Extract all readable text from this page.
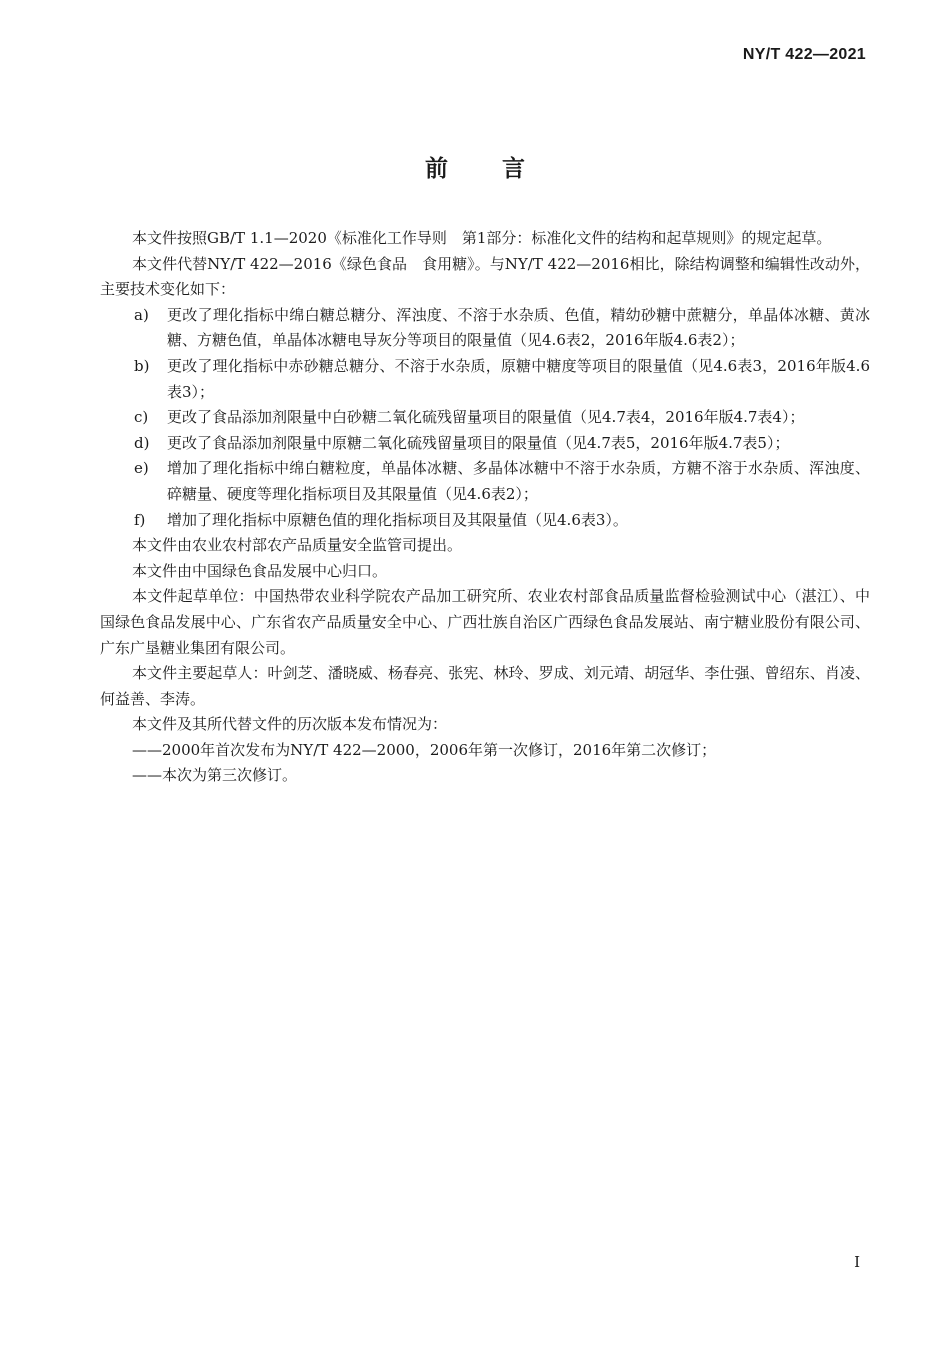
NY/T 422—2021
前言

本文件按照GB/T 1.1—2020《标准化工作导则　第1部分：标准化文件的结构和起草规则》的规定起草。

本文件代替NY/T 422—2016《绿色食品　食用糖》。与NY/T 422—2016相比，除结构调整和编辑性改动外，主要技术变化如下：

a) 更改了理化指标中绵白糖总糖分、浑浊度、不溶于水杂质、色值，精幼砂糖中蔗糖分，单晶体冰糖、黄冰糖、方糖色值，单晶体冰糖电导灰分等项目的限量值（见4.6表2，2016年版4.6表2）；

b) 更改了理化指标中赤砂糖总糖分、不溶于水杂质，原糖中糖度等项目的限量值（见4.6表3，2016年版4.6表3）；

c) 更改了食品添加剂限量中白砂糖二氧化硫残留量项目的限量值（见4.7表4，2016年版4.7表4）；

d) 更改了食品添加剂限量中原糖二氧化硫残留量项目的限量值（见4.7表5，2016年版4.7表5）；

e) 增加了理化指标中绵白糖粒度，单晶体冰糖、多晶体冰糖中不溶于水杂质，方糖不溶于水杂质、浑浊度、碎糖量、硬度等理化指标项目及其限量值（见4.6表2）；

f) 增加了理化指标中原糖色值的理化指标项目及其限量值（见4.6表3）。

本文件由农业农村部农产品质量安全监管司提出。

本文件由中国绿色食品发展中心归口。

本文件起草单位：中国热带农业科学院农产品加工研究所、农业农村部食品质量监督检验测试中心（湛江）、中国绿色食品发展中心、广东省农产品质量安全中心、广西壮族自治区广西绿色食品发展站、南宁糖业股份有限公司、广东广垦糖业集团有限公司。

本文件主要起草人：叶剑芝、潘晓威、杨春亮、张宪、林玲、罗成、刘元靖、胡冠华、李仕强、曾绍东、肖凌、何益善、李涛。

本文件及其所代替文件的历次版本发布情况为：

——2000年首次发布为NY/T 422—2000，2006年第一次修订，2016年第二次修订；

——本次为第三次修订。

I
